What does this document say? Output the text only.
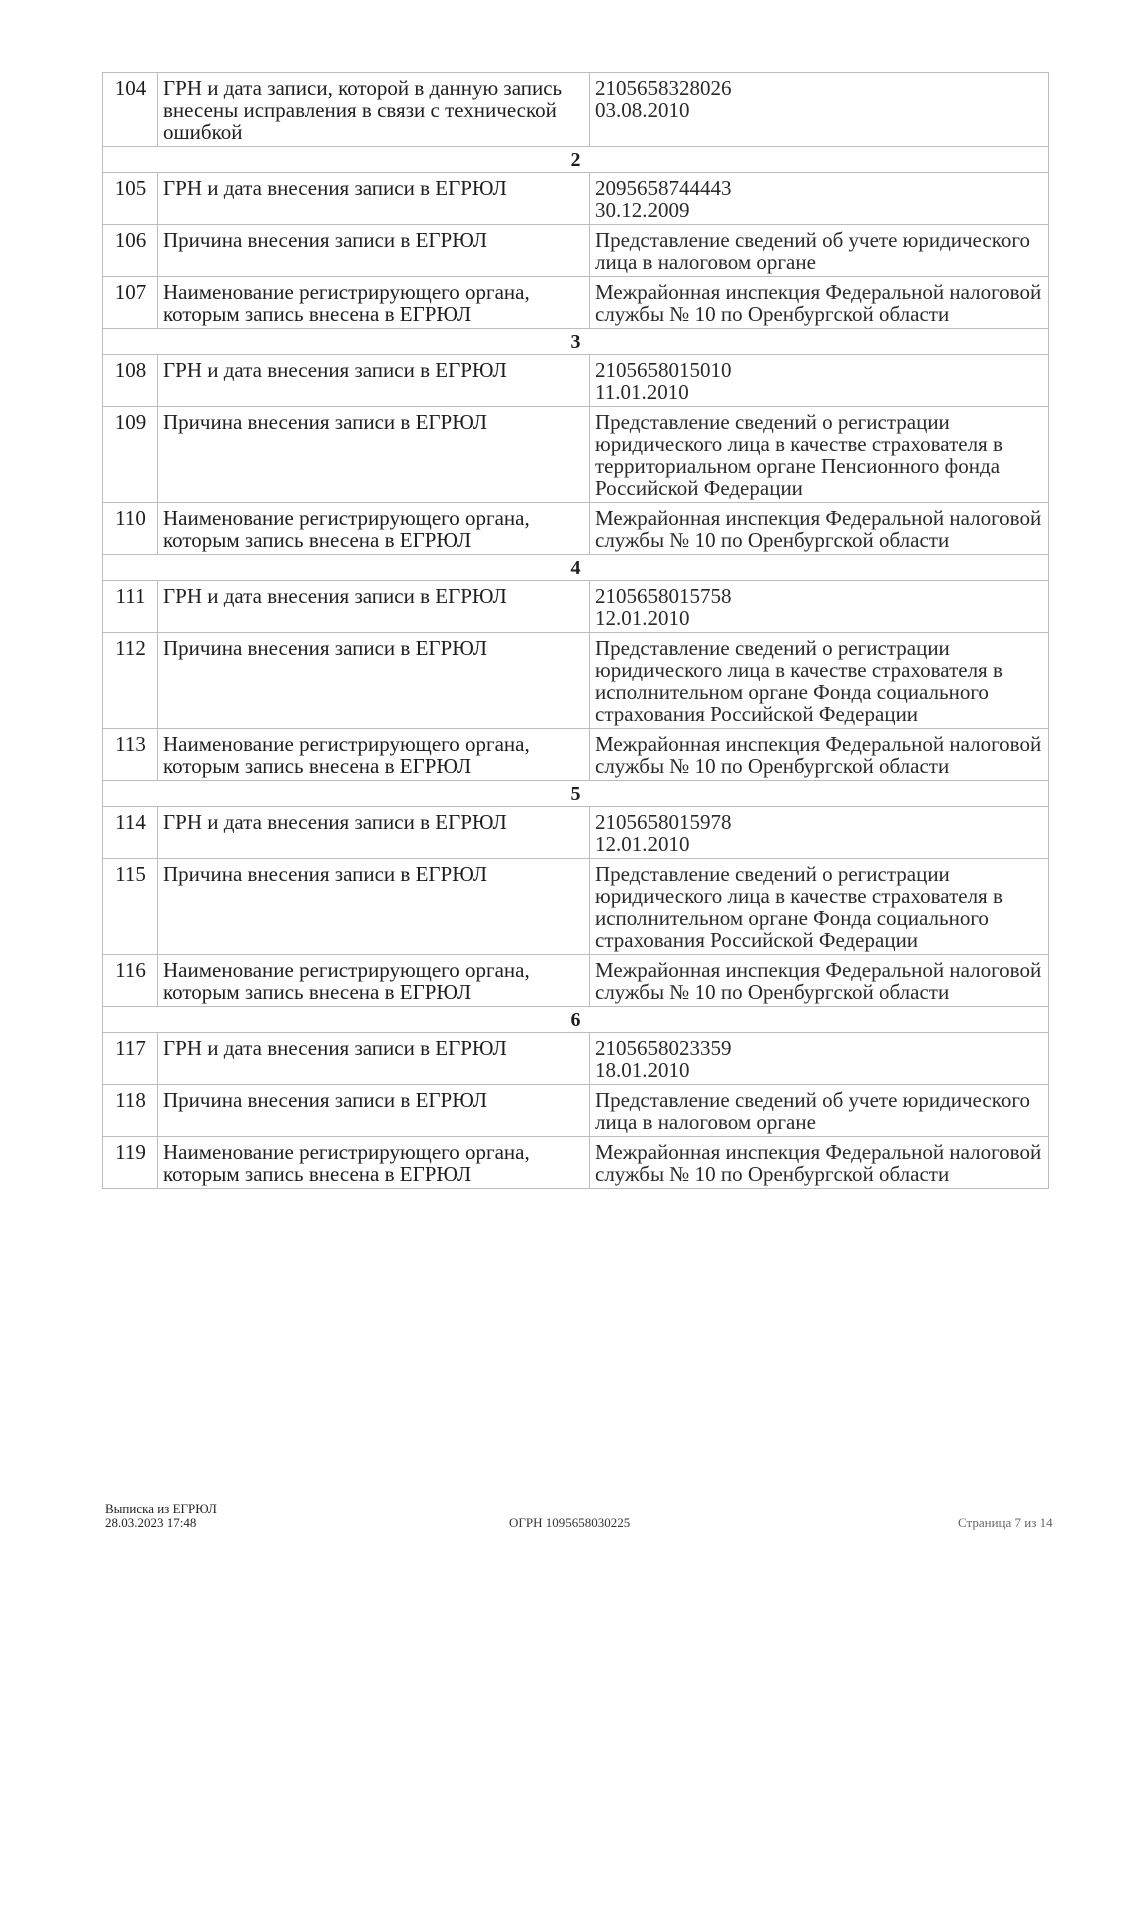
104	ГРН и дата записи, которой в данную запись внесены исправления в связи с технической ошибкой	2105658328026
03.08.2010
2		
105	ГРН и дата внесения записи в ЕГРЮЛ	2095658744443
30.12.2009
106	Причина внесения записи в ЕГРЮЛ	Представление сведений об учете юридического лица в налоговом органе
107	Наименование регистрирующего органа, которым запись внесена в ЕГРЮЛ	Межрайонная инспекция Федеральной налоговой службы № 10 по Оренбургской области
3		
108	ГРН и дата внесения записи в ЕГРЮЛ	2105658015010
11.01.2010
109	Причина внесения записи в ЕГРЮЛ	Представление сведений о регистрации юридического лица в качестве страхователя в территориальном органе Пенсионного фонда Российской Федерации
110	Наименование регистрирующего органа, которым запись внесена в ЕГРЮЛ	Межрайонная инспекция Федеральной налоговой службы № 10 по Оренбургской области
4		
111	ГРН и дата внесения записи в ЕГРЮЛ	2105658015758
12.01.2010
112	Причина внесения записи в ЕГРЮЛ	Представление сведений о регистрации юридического лица в качестве страхователя в исполнительном органе Фонда социального страхования Российской Федерации
113	Наименование регистрирующего органа, которым запись внесена в ЕГРЮЛ	Межрайонная инспекция Федеральной налоговой службы № 10 по Оренбургской области
5		
114	ГРН и дата внесения записи в ЕГРЮЛ	2105658015978
12.01.2010
115	Причина внесения записи в ЕГРЮЛ	Представление сведений о регистрации юридического лица в качестве страхователя в исполнительном органе Фонда социального страхования Российской Федерации
116	Наименование регистрирующего органа, которым запись внесена в ЕГРЮЛ	Межрайонная инспекция Федеральной налоговой службы № 10 по Оренбургской области
6		
117	ГРН и дата внесения записи в ЕГРЮЛ	2105658023359
18.01.2010
118	Причина внесения записи в ЕГРЮЛ	Представление сведений об учете юридического лица в налоговом органе
119	Наименование регистрирующего органа, которым запись внесена в ЕГРЮЛ	Межрайонная инспекция Федеральной налоговой службы № 10 по Оренбургской области
Выписка из ЕГРЮЛ
28.03.2023 17:48	ОГРН 1095658030225	Страница 7 из 14
